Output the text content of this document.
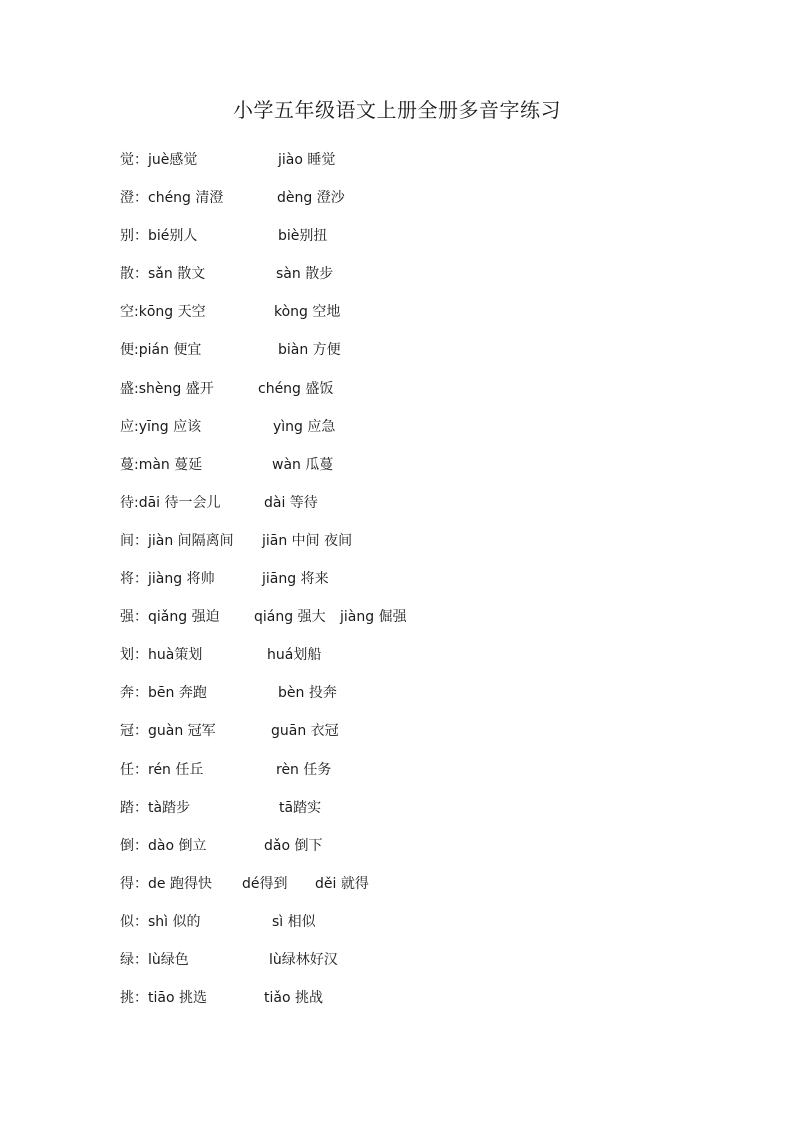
小学五年级语文上册全册多音字练习
觉：juè感觉	jiào 睡觉
澄：chéng 清澄	dèng 澄沙
别：bié别人	biè别扭
散：sǎn 散文	sàn 散步
空:kōng 天空	kòng 空地
便:pián 便宜	biàn 方便
盛:shèng 盛开	chéng 盛饭
应:yīng 应该	yìng 应急
蔓:màn 蔓延	wàn 瓜蔓
待:dāi 待一会儿	dài 等待
间：jiàn 间隔离间 jiān 中间 夜间
将：jiàng 将帅	jiāng 将来
强：qiǎng 强迫 qiáng 强大 jiàng 倔强
划：huà策划	huá划船
奔：bēn 奔跑	bèn 投奔
冠：guàn 冠军	guān 衣冠
任：rén 任丘	rèn 任务
踏：tà踏步	tā踏实
倒：dào 倒立	dǎo 倒下
得：de 跑得快 dé得到 děi 就得
似：shì 似的	sì 相似
绿：lù绿色	lù绿林好汉
挑：tiāo 挑选	tiǎo 挑战
